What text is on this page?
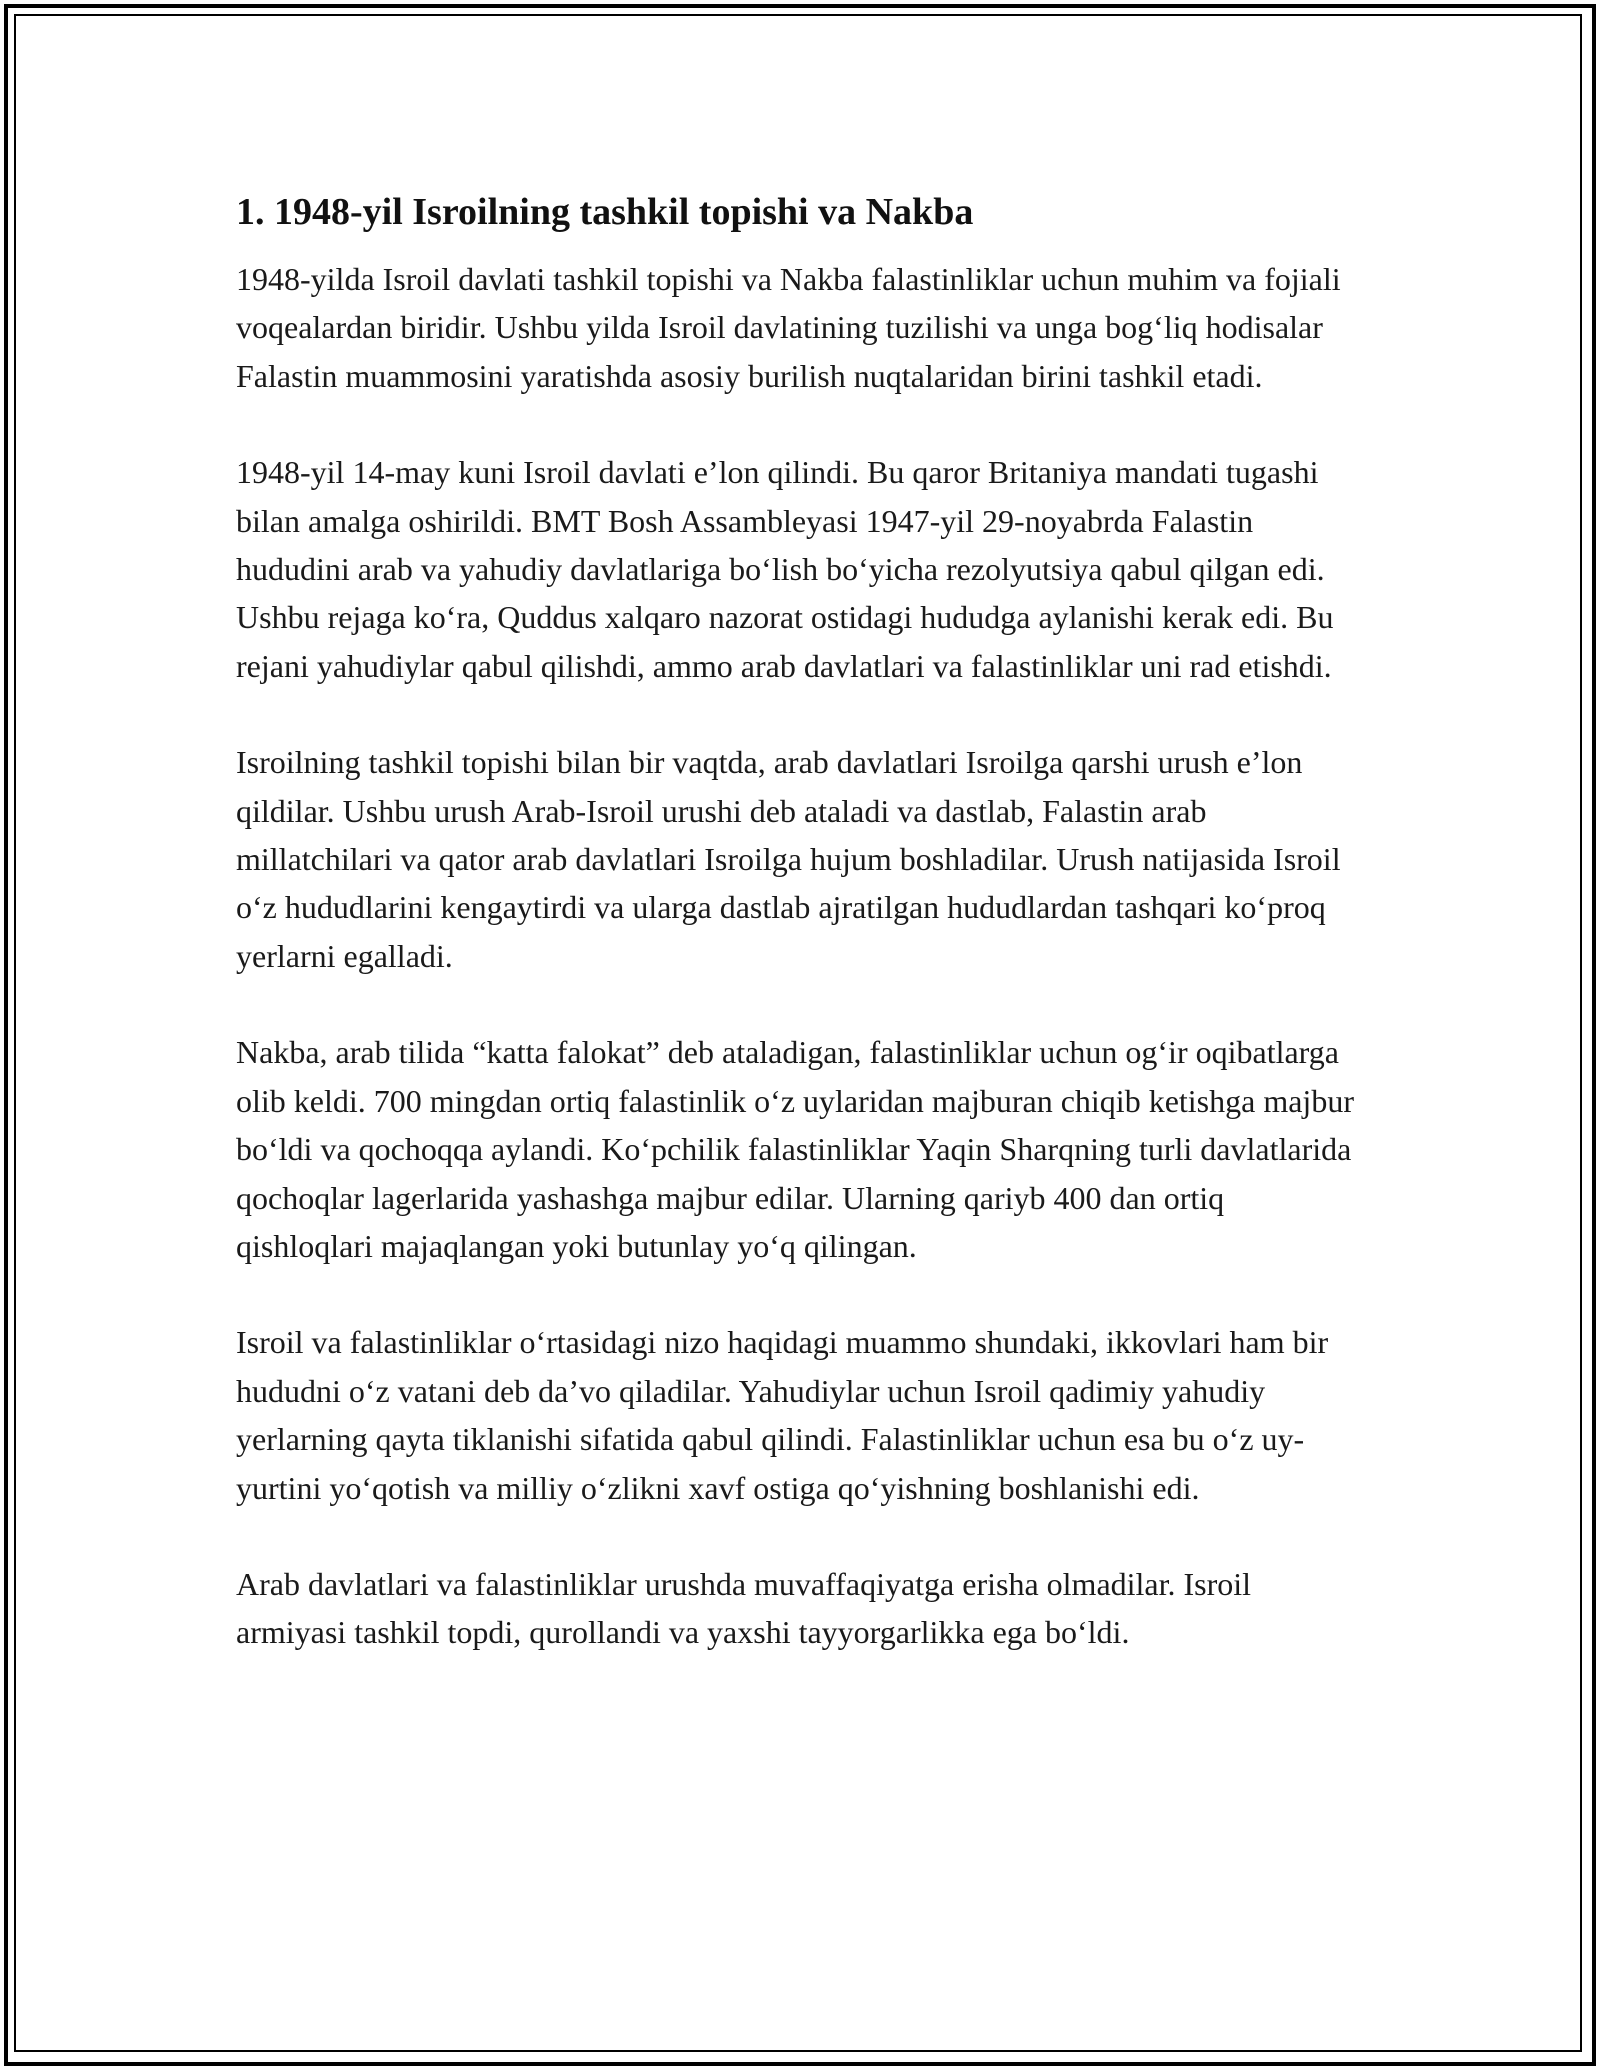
1. 1948-yil Isroilning tashkil topishi va Nakba

1948-yilda Isroil davlati tashkil topishi va Nakba falastinliklar uchun muhim va fojiali voqealardan biridir. Ushbu yilda Isroil davlatining tuzilishi va unga bog‘liq hodisalar Falastin muammosini yaratishda asosiy burilish nuqtalaridan birini tashkil etadi.

1948-yil 14-may kuni Isroil davlati e’lon qilindi. Bu qaror Britaniya mandati tugashi bilan amalga oshirildi. BMT Bosh Assambleyasi 1947-yil 29-noyabrda Falastin hududini arab va yahudiy davlatlariga bo‘lish bo‘yicha rezolyutsiya qabul qilgan edi. Ushbu rejaga ko‘ra, Quddus xalqaro nazorat ostidagi hududga aylanishi kerak edi. Bu rejani yahudiylar qabul qilishdi, ammo arab davlatlari va falastinliklar uni rad etishdi.

Isroilning tashkil topishi bilan bir vaqtda, arab davlatlari Isroilga qarshi urush e’lon qildilar. Ushbu urush Arab-Isroil urushi deb ataladi va dastlab, Falastin arab millatchilari va qator arab davlatlari Isroilga hujum boshladilar. Urush natijasida Isroil o‘z hududlarini kengaytirdi va ularga dastlab ajratilgan hududlardan tashqari ko‘proq yerlarni egalladi.

Nakba, arab tilida “katta falokat” deb ataladigan, falastinliklar uchun og‘ir oqibatlarga olib keldi. 700 mingdan ortiq falastinlik o‘z uylaridan majburan chiqib ketishga majbur bo‘ldi va qochoqqa aylandi. Ko‘pchilik falastinliklar Yaqin Sharqning turli davlatlarida qochoqlar lagerlarida yashashga majbur edilar. Ularning qariyb 400 dan ortiq qishloqlari majaqlangan yoki butunlay yo‘q qilingan.

Isroil va falastinliklar o‘rtasidagi nizo haqidagi muammo shundaki, ikkovlari ham bir hududni o‘z vatani deb da’vo qiladilar. Yahudiylar uchun Isroil qadimiy yahudiy yerlarning qayta tiklanishi sifatida qabul qilindi. Falastinliklar uchun esa bu o‘z uy-yurtini yo‘qotish va milliy o‘zlikni xavf ostiga qo‘yishning boshlanishi edi.

Arab davlatlari va falastinliklar urushda muvaffaqiyatga erisha olmadilar. Isroil armiyasi tashkil topdi, qurollandi va yaxshi tayyorgarlikka ega bo‘ldi.
